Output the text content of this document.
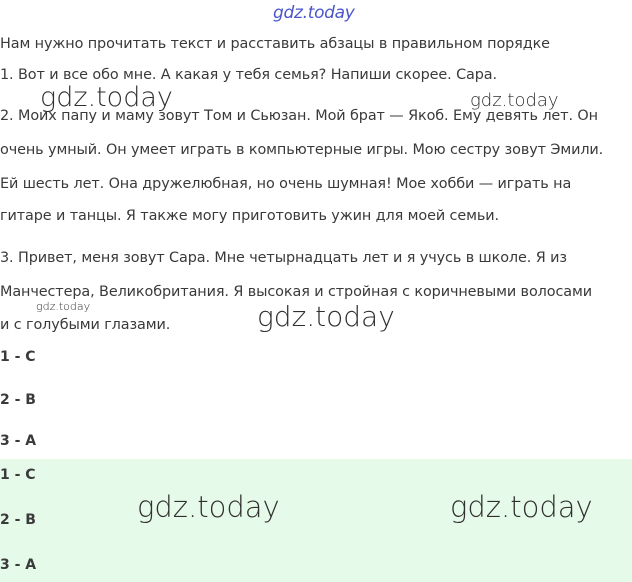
gdz.today
Нам нужно прочитать текст и расставить абзацы в правильном порядке
1. Вот и все обо мне. А какая у тебя семья? Напиши скорее. Сара.
2. Моих папу и маму зовут Том и Сьюзан. Мой брат — Якоб. Ему девять лет. Он
очень умный. Он умеет играть в компьютерные игры. Мою сестру зовут Эмили.
Ей шесть лет. Она дружелюбная, но очень шумная! Мое хобби — играть на
гитаре и танцы. Я также могу приготовить ужин для моей семьи.
3. Привет, меня зовут Сара. Мне четырнадцать лет и я учусь в школе. Я из
Манчестера, Великобритания. Я высокая и стройная с коричневыми волосами
и с голубыми глазами.
1 - C
2 - B
3 - A
1 - C
2 - B
3 - A
gdz.today	gdz.today
gdz.today	gdz.today
gdz.today	gdz.today
